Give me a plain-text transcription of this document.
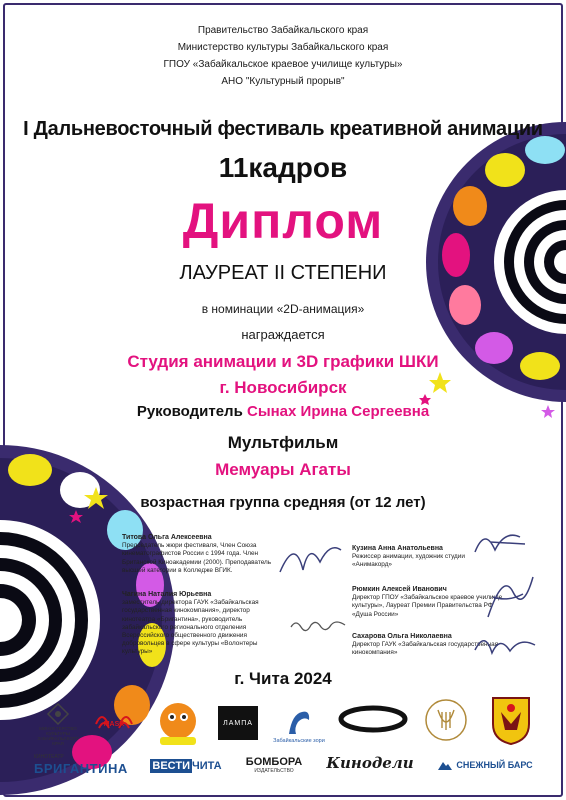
Правительство Забайкальского края
Министерство культуры Забайкальского края
ГПОУ «Забайкальское краевое училище культуры»
АНО "Культурный прорыв"
I Дальневосточный фестиваль креативной анимации
11кадров
Диплом
ЛАУРЕАТ II СТЕПЕНИ
в номинации «2D-анимация»
награждается
Студия анимации и 3D графики ШКИ
г. Новосибирск
Руководитель Сынах Ирина Сергеевна
Мультфильм
Мемуары Агаты
возрастная группа средняя (от 12 лет)
Титова Ольга Алексеевна
Председатель жюри фестиваля, Член Союза кинематографистов России с 1994 года. Член Британской Киноакадемии (2000). Преподаватель высшей категории в Колледже ВГИК.
Чагина Наталия Юрьевна
заместитель директора ГАУК «Забайкальская государственная кинокомпания», директор кинотеатра «Бригантина», руководитель забайкальского регионального отделения Всероссийского общественного движения добровольцев в сфере культуры «Волонтеры культуры»
Кузина Анна Анатольевна
Режиссер анимации, художник студии «Анимакорд»
Рюмкин Алексей Иванович
Директор ГПОУ «Забайкальское краевое училище культуры», Лауреат Премии Правительства РФ «Душа России»
Сахарова Ольга Николаевна
Директор ГАУК «Забайкальская государственная кинокомпания»
г. Чита 2024
МИНИСТЕРСТВО КУЛЬТУРЫ ЗАБАЙКАЛЬСКОГО КРАЯ
MASK	ЛАМПА
Забайкальские зори
КИНОТЕАТР
БРИГАНТИНА ВЕСТИ ЧИТА БОМБОРА
ИЗДАТЕЛЬСТВО Кинодели	СНЕЖНЫЙ БАРС
